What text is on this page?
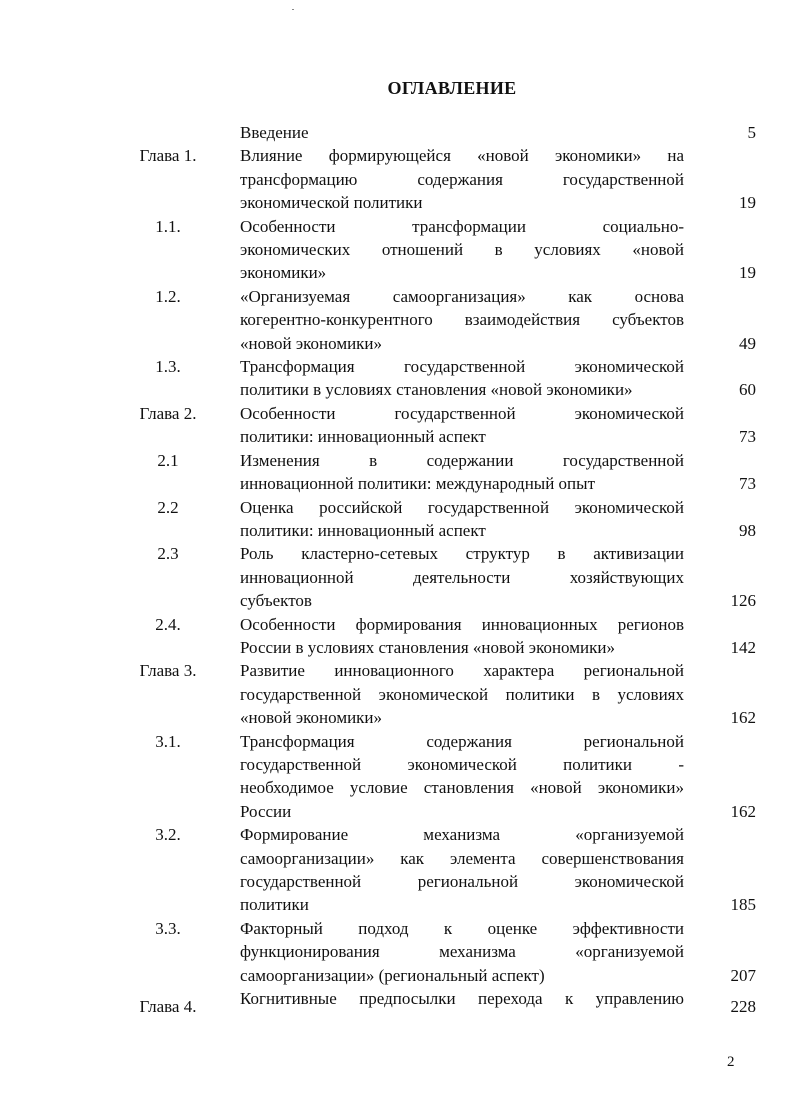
ОГЛАВЛЕНИЕ
Введение	5
Глава 1.	Влияние формирующейся «новой экономики» на
трансформацию содержания государственной
экономической политики	19
1.1.	Особенности трансформации социально-
экономических отношений в условиях «новой
экономики»	19
1.2.	«Организуемая самоорганизация» как основа
когерентно-конкурентного взаимодействия субъектов
«новой экономики»	49
1.3.	Трансформация государственной экономической
политики в условиях становления «новой экономики»	60
Глава 2.	Особенности государственной экономической
политики: инновационный аспект	73
2.1	Изменения в содержании государственной
инновационной политики: международный опыт	73
2.2	Оценка российской государственной экономической
политики: инновационный аспект	98
2.3	Роль кластерно-сетевых структур в активизации
инновационной деятельности хозяйствующих
субъектов	126
2.4.	Особенности формирования инновационных регионов
России в условиях становления «новой экономики»	142
Глава 3.	Развитие инновационного характера региональной
государственной экономической политики в условиях
«новой экономики»	162
3.1.	Трансформация содержания региональной
государственной экономической политики -
необходимое условие становления «новой экономики»
России	162
3.2.	Формирование механизма «организуемой
самоорганизации» как элемента совершенствования
государственной региональной экономической
политики	185
3.3.	Факторный подход к оценке эффективности
функционирования механизма «организуемой
самоорганизации» (региональный аспект)	207
Глава 4.	Когнитивные предпосылки перехода к управлению	228
2
